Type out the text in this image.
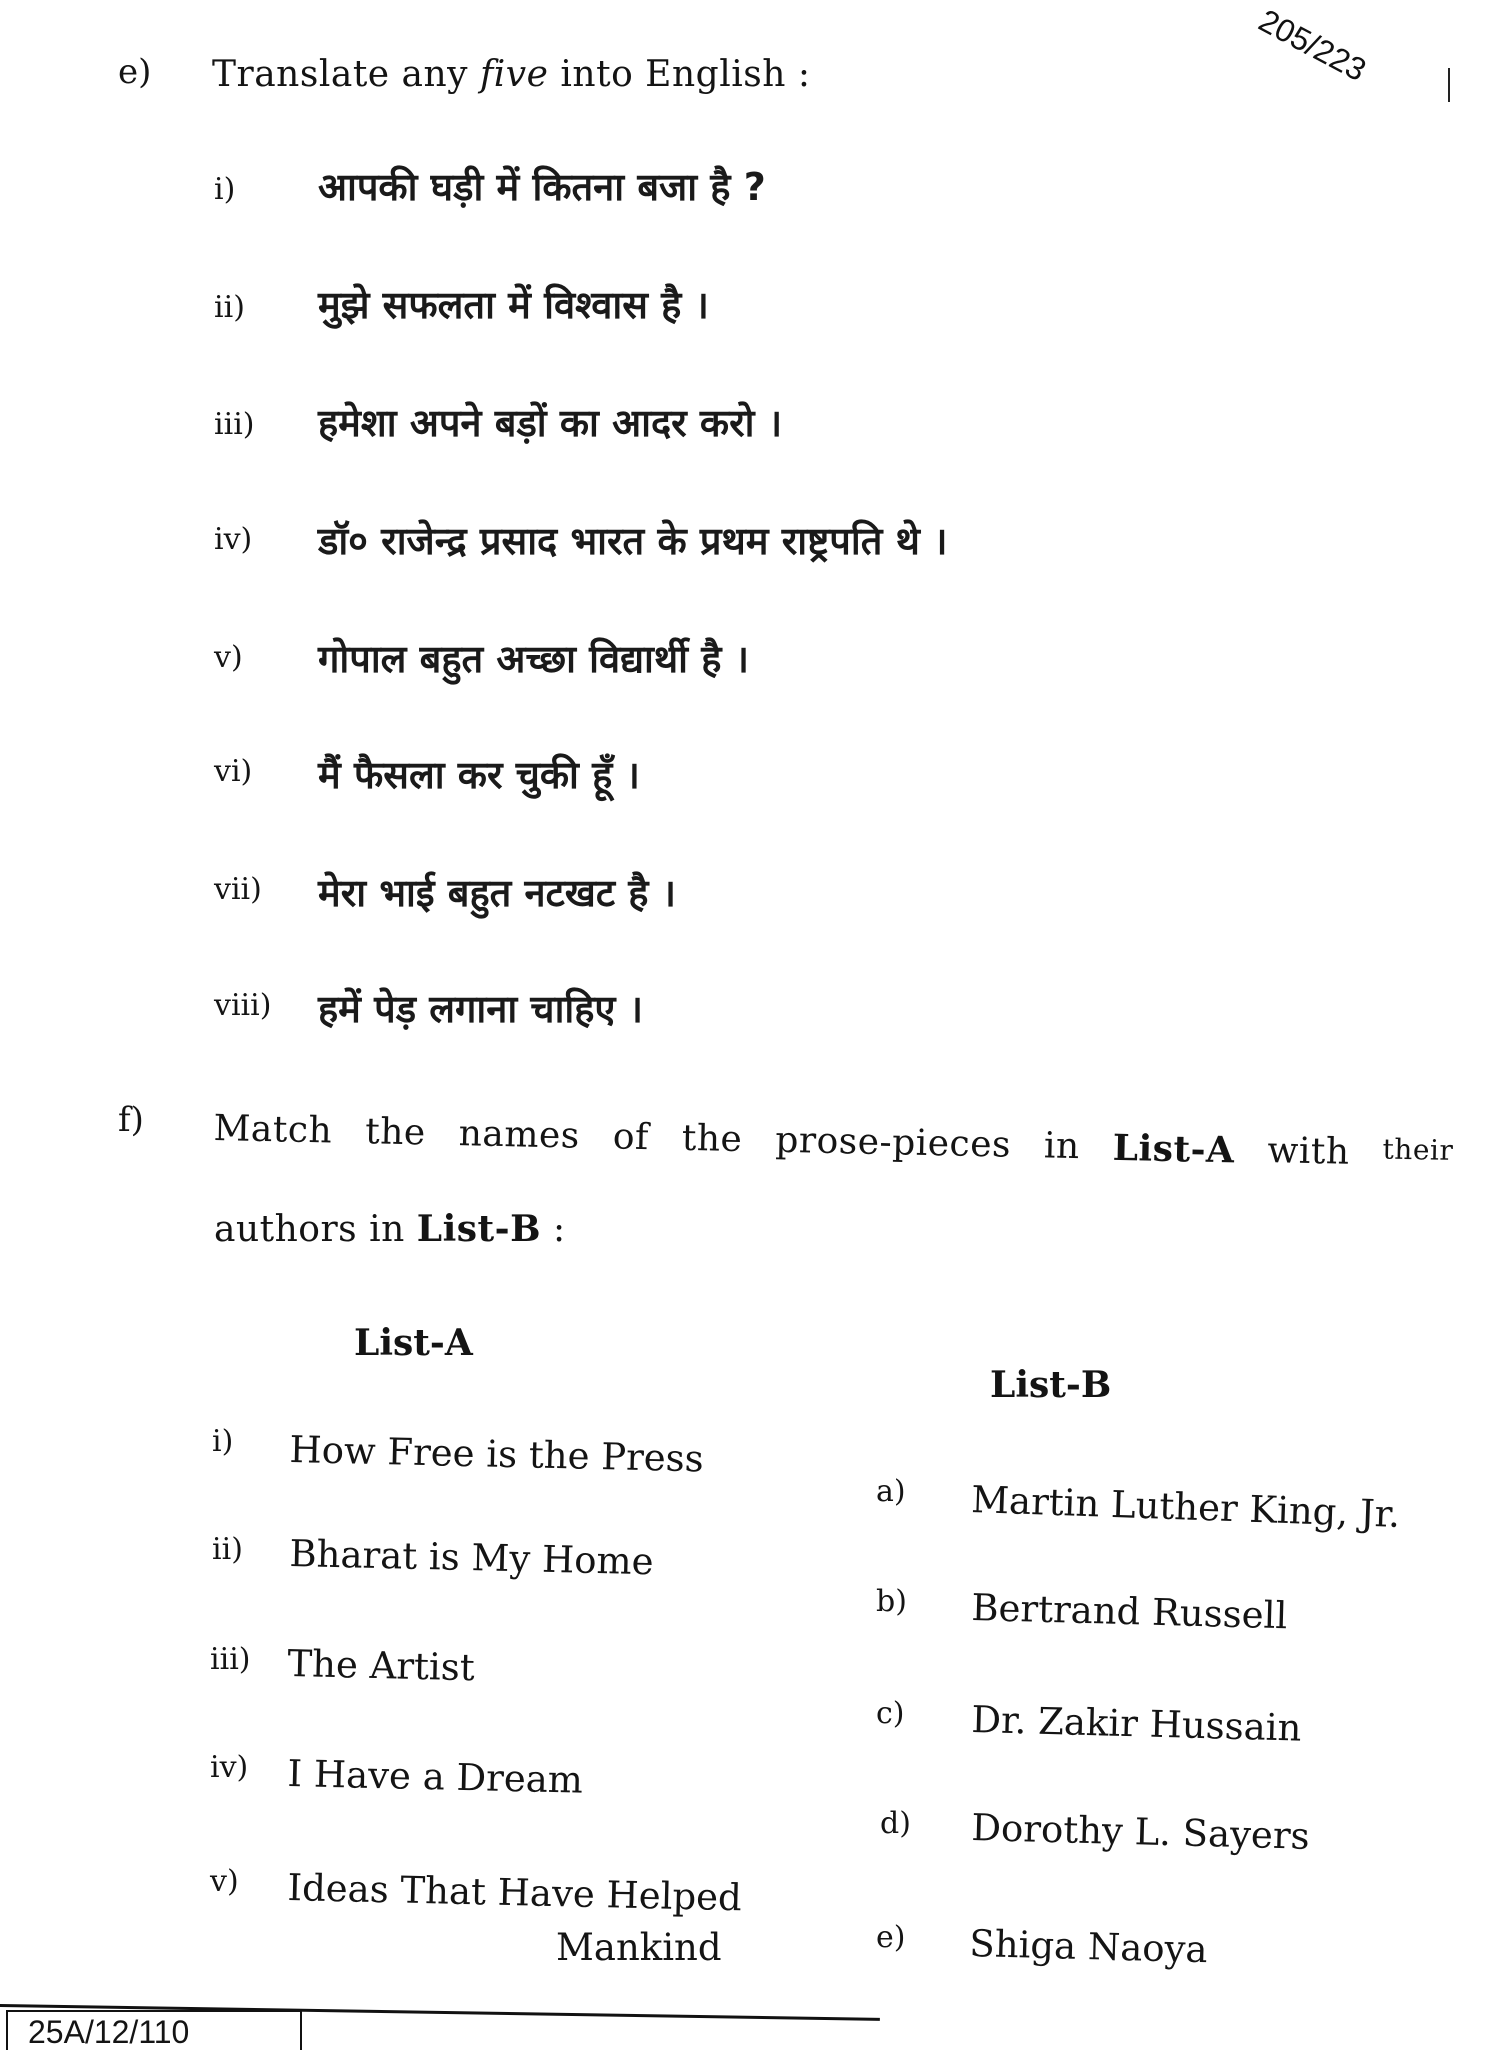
205/223
e) Translate any five into English :
i) आपकी घड़ी में कितना बजा है ?
ii) मुझे सफलता में विश्वास है ।
iii) हमेशा अपने बड़ों का आदर करो ।
iv) डॉ० राजेन्द्र प्रसाद भारत के प्रथम राष्ट्रपति थे ।
v) गोपाल बहुत अच्छा विद्यार्थी है ।
vi) मैं फैसला कर चुकी हूँ ।
vii) मेरा भाई बहुत नटखट है ।
viii) हमें पेड़ लगाना चाहिए ।
f) Match the names of the prose-pieces in List-A with their
authors in List-B :
List-A
i) How Free is the Press
ii) Bharat is My Home
iii) The Artist
iv) I Have a Dream
v) Ideas That Have Helped
Mankind
List-B
a) Martin Luther King, Jr.
b) Bertrand Russell
c) Dr. Zakir Hussain
d) Dorothy L. Sayers
e) Shiga Naoya
25A/12/110
